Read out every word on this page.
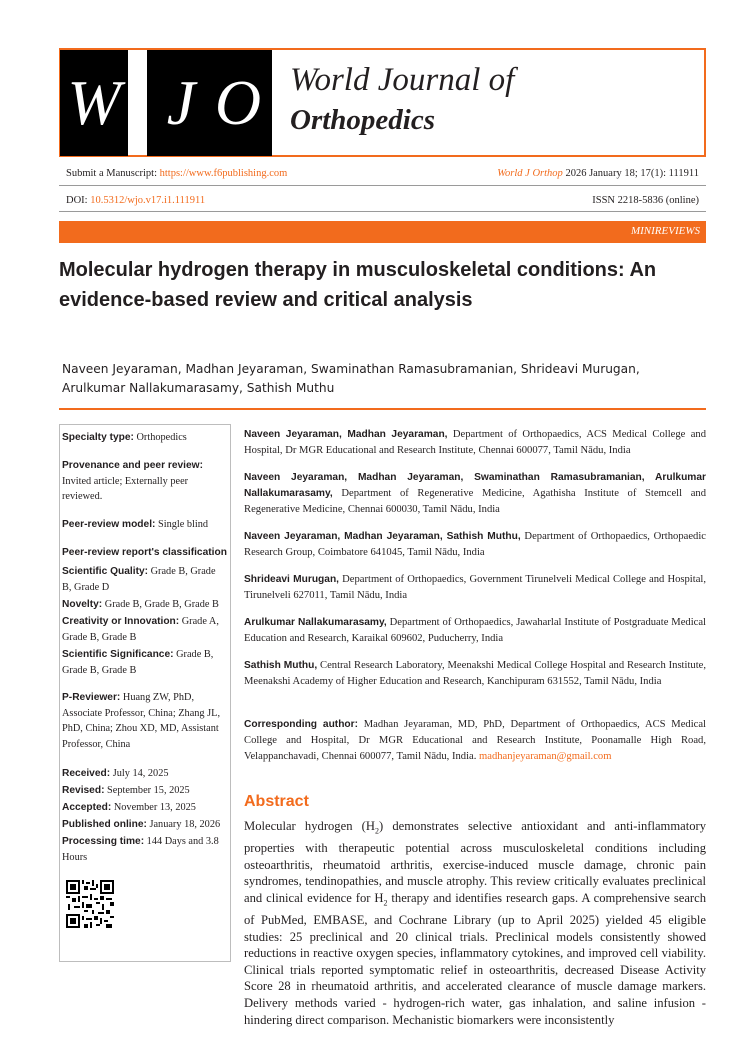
W J O World Journal of
Orthopedics
Submit a Manuscript: https://www.f6publishing.com	World J Orthop 2026 January 18; 17(1): 111911
DOI: 10.5312/wjo.v17.i1.111911	ISSN 2218-5836 (online)
MINIREVIEWS
Molecular hydrogen therapy in musculoskeletal conditions: An evidence-based review and critical analysis
Naveen Jeyaraman, Madhan Jeyaraman, Swaminathan Ramasubramanian, Shrideavi Murugan, Arulkumar Nallakumarasamy, Sathish Muthu
Specialty type: Orthopedics
Provenance and peer review:
Invited article; Externally peer reviewed.
Peer-review model: Single blind
Peer-review report's classification
Scientific Quality: Grade B, Grade B, Grade D
Novelty: Grade B, Grade B, Grade B
Creativity or Innovation: Grade A, Grade B, Grade B
Scientific Significance: Grade B, Grade B, Grade B
P-Reviewer: Huang ZW, PhD, Associate Professor, China; Zhang JL, PhD, China; Zhou XD, MD, Assistant Professor, China
Received: July 14, 2025
Revised: September 15, 2025
Accepted: November 13, 2025
Published online: January 18, 2026
Processing time: 144 Days and 3.8 Hours
Naveen Jeyaraman, Madhan Jeyaraman, Department of Orthopaedics, ACS Medical College and Hospital, Dr MGR Educational and Research Institute, Chennai 600077, Tamil Nādu, India
Naveen Jeyaraman, Madhan Jeyaraman, Swaminathan Ramasubramanian, Arulkumar Nallakumarasamy, Department of Regenerative Medicine, Agathisha Institute of Stemcell and Regenerative Medicine, Chennai 600030, Tamil Nādu, India
Naveen Jeyaraman, Madhan Jeyaraman, Sathish Muthu, Department of Orthopaedics, Orthopaedic Research Group, Coimbatore 641045, Tamil Nādu, India
Shrideavi Murugan, Department of Orthopaedics, Government Tirunelveli Medical College and Hospital, Tirunelveli 627011, Tamil Nādu, India
Arulkumar Nallakumarasamy, Department of Orthopaedics, Jawaharlal Institute of Postgraduate Medical Education and Research, Karaikal 609602, Puducherry, India
Sathish Muthu, Central Research Laboratory, Meenakshi Medical College Hospital and Research Institute, Meenakshi Academy of Higher Education and Research, Kanchipuram 631552, Tamil Nādu, India
Corresponding author: Madhan Jeyaraman, MD, PhD, Department of Orthopaedics, ACS Medical College and Hospital, Dr MGR Educational and Research Institute, Poonamalle High Road, Velappanchavadi, Chennai 600077, Tamil Nādu, India. madhanjeyaraman@gmail.com
Abstract
Molecular hydrogen $(H_2)$ demonstrates selective antioxidant and anti-inflammatory properties with therapeutic potential across musculoskeletal conditions including osteoarthritis, rheumatoid arthritis, exercise-induced muscle damage, chronic pain syndromes, tendinopathies, and muscle atrophy. This review critically evaluates preclinical and clinical evidence for $H_2$ therapy and identifies research gaps. A comprehensive search of PubMed, EMBASE, and Cochrane Library (up to April 2025) yielded 45 eligible studies: 25 preclinical and 20 clinical trials. Preclinical models consistently showed reductions in reactive oxygen species, inflammatory cytokines, and improved cell viability. Clinical trials reported symptomatic relief in osteoarthritis, decreased Disease Activity Score 28 in rheumatoid arthritis, and accelerated clearance of muscle damage markers. Delivery methods varied - hydrogen-rich water, gas inhalation, and saline infusion - hindering direct comparison. Mechanistic biomarkers were inconsistently
